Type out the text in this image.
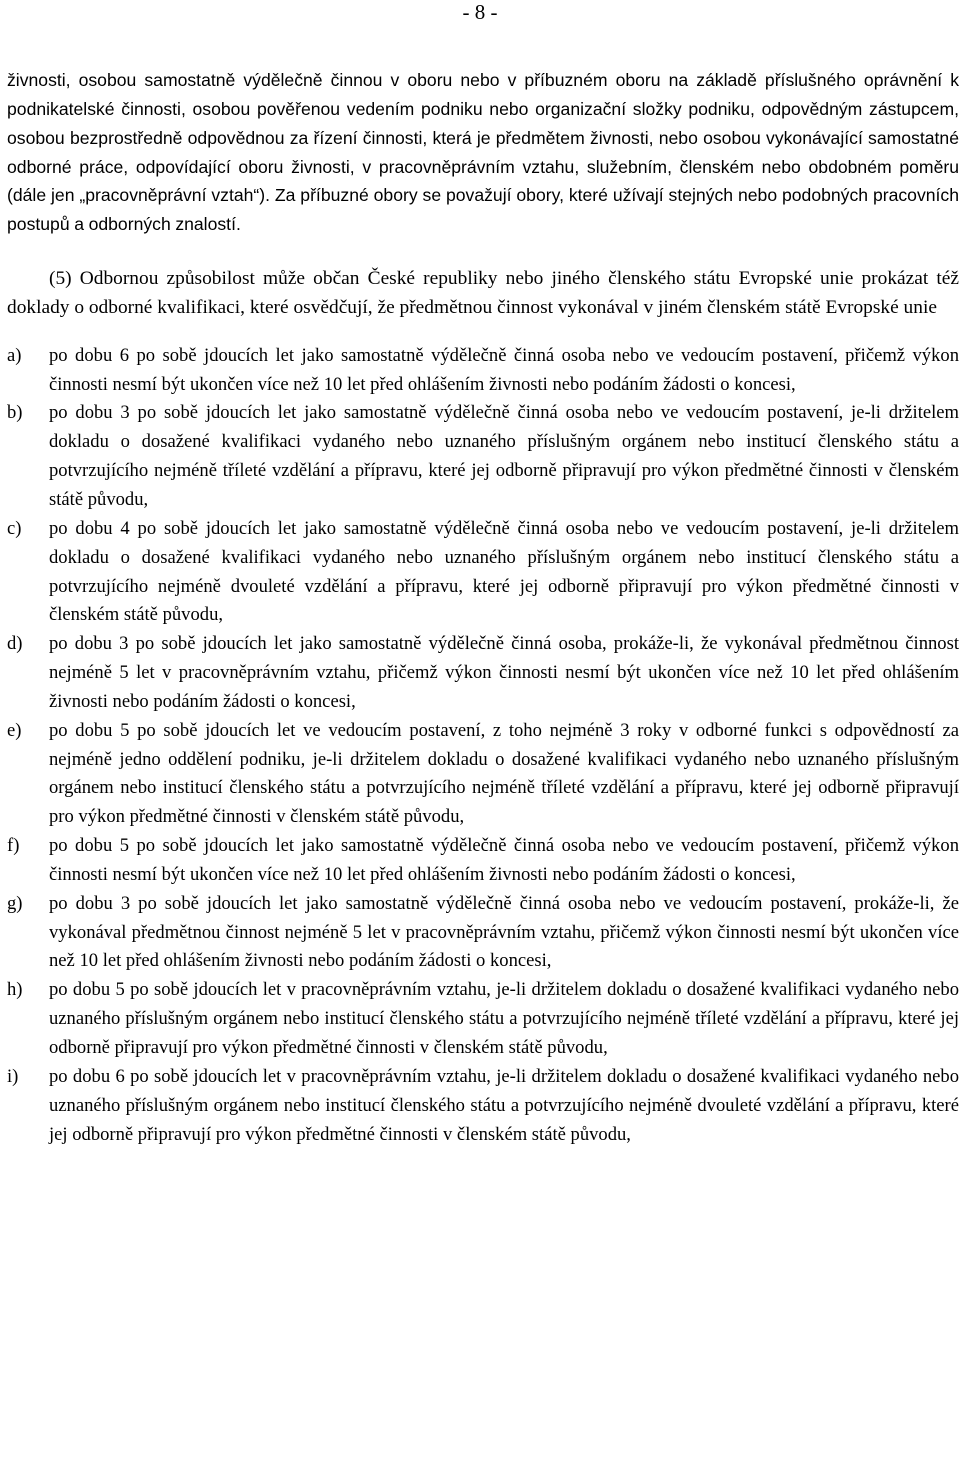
- 8 -

živnosti, osobou samostatně výdělečně činnou v oboru nebo v příbuzném oboru na základě příslušného oprávnění k podnikatelské činnosti, osobou pověřenou vedením podniku nebo organizační složky podniku, odpovědným zástupcem, osobou bezprostředně odpovědnou za řízení činnosti, která je předmětem živnosti, nebo osobou vykonávající samostatné odborné práce, odpovídající oboru živnosti, v pracovněprávním vztahu, služebním, členském nebo obdobném poměru (dále jen „pracovněprávní vztah“). Za příbuzné obory se považují obory, které užívají stejných nebo podobných pracovních postupů a odborných znalostí.

(5) Odbornou způsobilost může občan České republiky nebo jiného členského státu Evropské unie prokázat též doklady o odborné kvalifikaci, které osvědčují, že předmětnou činnost vykonával v jiném členském státě Evropské unie

a)	po dobu 6 po sobě jdoucích let jako samostatně výdělečně činná osoba nebo ve vedoucím postavení, přičemž výkon činnosti nesmí být ukončen více než 10 let před ohlášením živnosti nebo podáním žádosti o koncesi,
b)	po dobu 3 po sobě jdoucích let jako samostatně výdělečně činná osoba nebo ve vedoucím postavení, je-li držitelem dokladu o dosažené kvalifikaci vydaného nebo uznaného příslušným orgánem nebo institucí členského státu a potvrzujícího nejméně tříleté vzdělání a přípravu, které jej odborně připravují pro výkon předmětné činnosti v členském státě původu,
c)	po dobu 4 po sobě jdoucích let jako samostatně výdělečně činná osoba nebo ve vedoucím postavení, je-li držitelem dokladu o dosažené kvalifikaci vydaného nebo uznaného příslušným orgánem nebo institucí členského státu a potvrzujícího nejméně dvouleté vzdělání a přípravu, které jej odborně připravují pro výkon předmětné činnosti v členském státě původu,
d)	po dobu 3 po sobě jdoucích let jako samostatně výdělečně činná osoba, prokáže-li, že vykonával předmětnou činnost nejméně 5 let v pracovněprávním vztahu, přičemž výkon činnosti nesmí být ukončen více než 10 let před ohlášením živnosti nebo podáním žádosti o koncesi,
e)	po dobu 5 po sobě jdoucích let ve vedoucím postavení, z toho nejméně 3 roky v odborné funkci s odpovědností za nejméně jedno oddělení podniku, je-li držitelem dokladu o dosažené kvalifikaci vydaného nebo uznaného příslušným orgánem nebo institucí členského státu a potvrzujícího nejméně tříleté vzdělání a přípravu, které jej odborně připravují pro výkon předmětné činnosti v členském státě původu,
f)	po dobu 5 po sobě jdoucích let jako samostatně výdělečně činná osoba nebo ve vedoucím postavení, přičemž výkon činnosti nesmí být ukončen více než 10 let před ohlášením živnosti nebo podáním žádosti o koncesi,
g)	po dobu 3 po sobě jdoucích let jako samostatně výdělečně činná osoba nebo ve vedoucím postavení, prokáže-li, že vykonával předmětnou činnost nejméně 5 let v pracovněprávním vztahu, přičemž výkon činnosti nesmí být ukončen více než 10 let před ohlášením živnosti nebo podáním žádosti o koncesi,
h)	po dobu 5 po sobě jdoucích let v pracovněprávním vztahu, je-li držitelem dokladu o dosažené kvalifikaci vydaného nebo uznaného příslušným orgánem nebo institucí členského státu a potvrzujícího nejméně tříleté vzdělání a přípravu, které jej odborně připravují pro výkon předmětné činnosti v členském státě původu,
i)	po dobu 6 po sobě jdoucích let v pracovněprávním vztahu, je-li držitelem dokladu o dosažené kvalifikaci vydaného nebo uznaného příslušným orgánem nebo institucí členského státu a potvrzujícího nejméně dvouleté vzdělání a přípravu, které jej odborně připravují pro výkon předmětné činnosti v členském státě původu,
